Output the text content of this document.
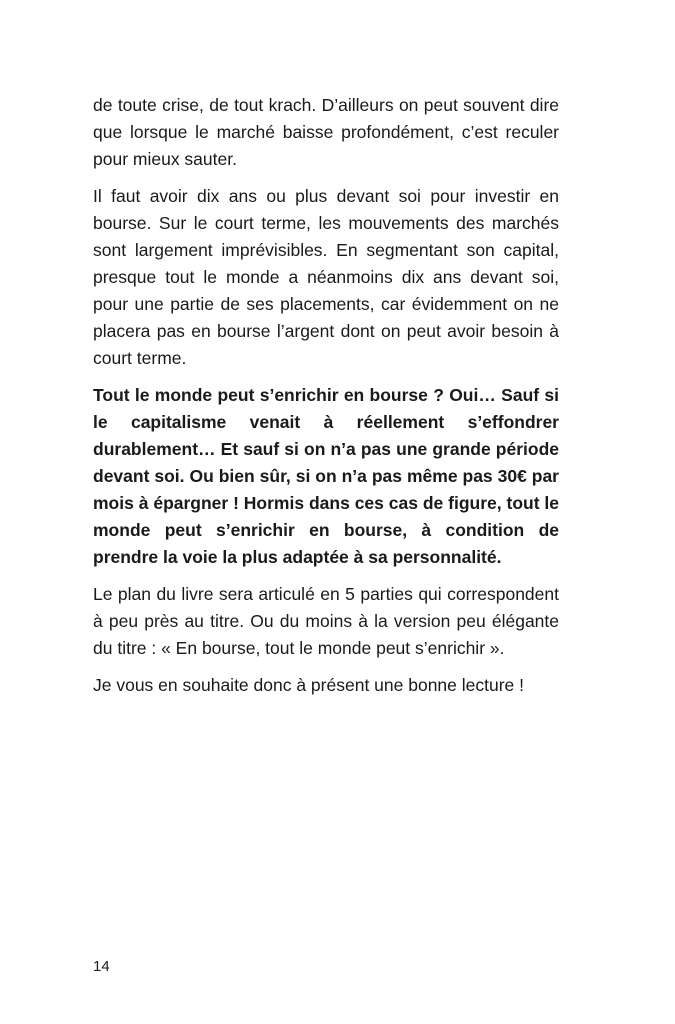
de toute crise, de tout krach. D’ailleurs on peut souvent dire que lorsque le marché baisse profondément, c’est reculer pour mieux sauter.

Il faut avoir dix ans ou plus devant soi pour investir en bourse. Sur le court terme, les mouvements des marchés sont largement imprévisibles. En segmentant son capital, presque tout le monde a néanmoins dix ans devant soi, pour une partie de ses placements, car évidemment on ne placera pas en bourse l’argent dont on peut avoir besoin à court terme.

Tout le monde peut s’enrichir en bourse ? Oui… Sauf si le capitalisme venait à réellement s’effondrer durablement… Et sauf si on n’a pas une grande période devant soi. Ou bien sûr, si on n’a pas même pas 30€ par mois à épargner ! Hormis dans ces cas de figure, tout le monde peut s’enrichir en bourse, à condition de prendre la voie la plus adaptée à sa personnalité.

Le plan du livre sera articulé en 5 parties qui correspondent à peu près au titre. Ou du moins à la version peu élégante du titre : « En bourse, tout le monde peut s’enrichir ».

Je vous en souhaite donc à présent une bonne lecture !

14
